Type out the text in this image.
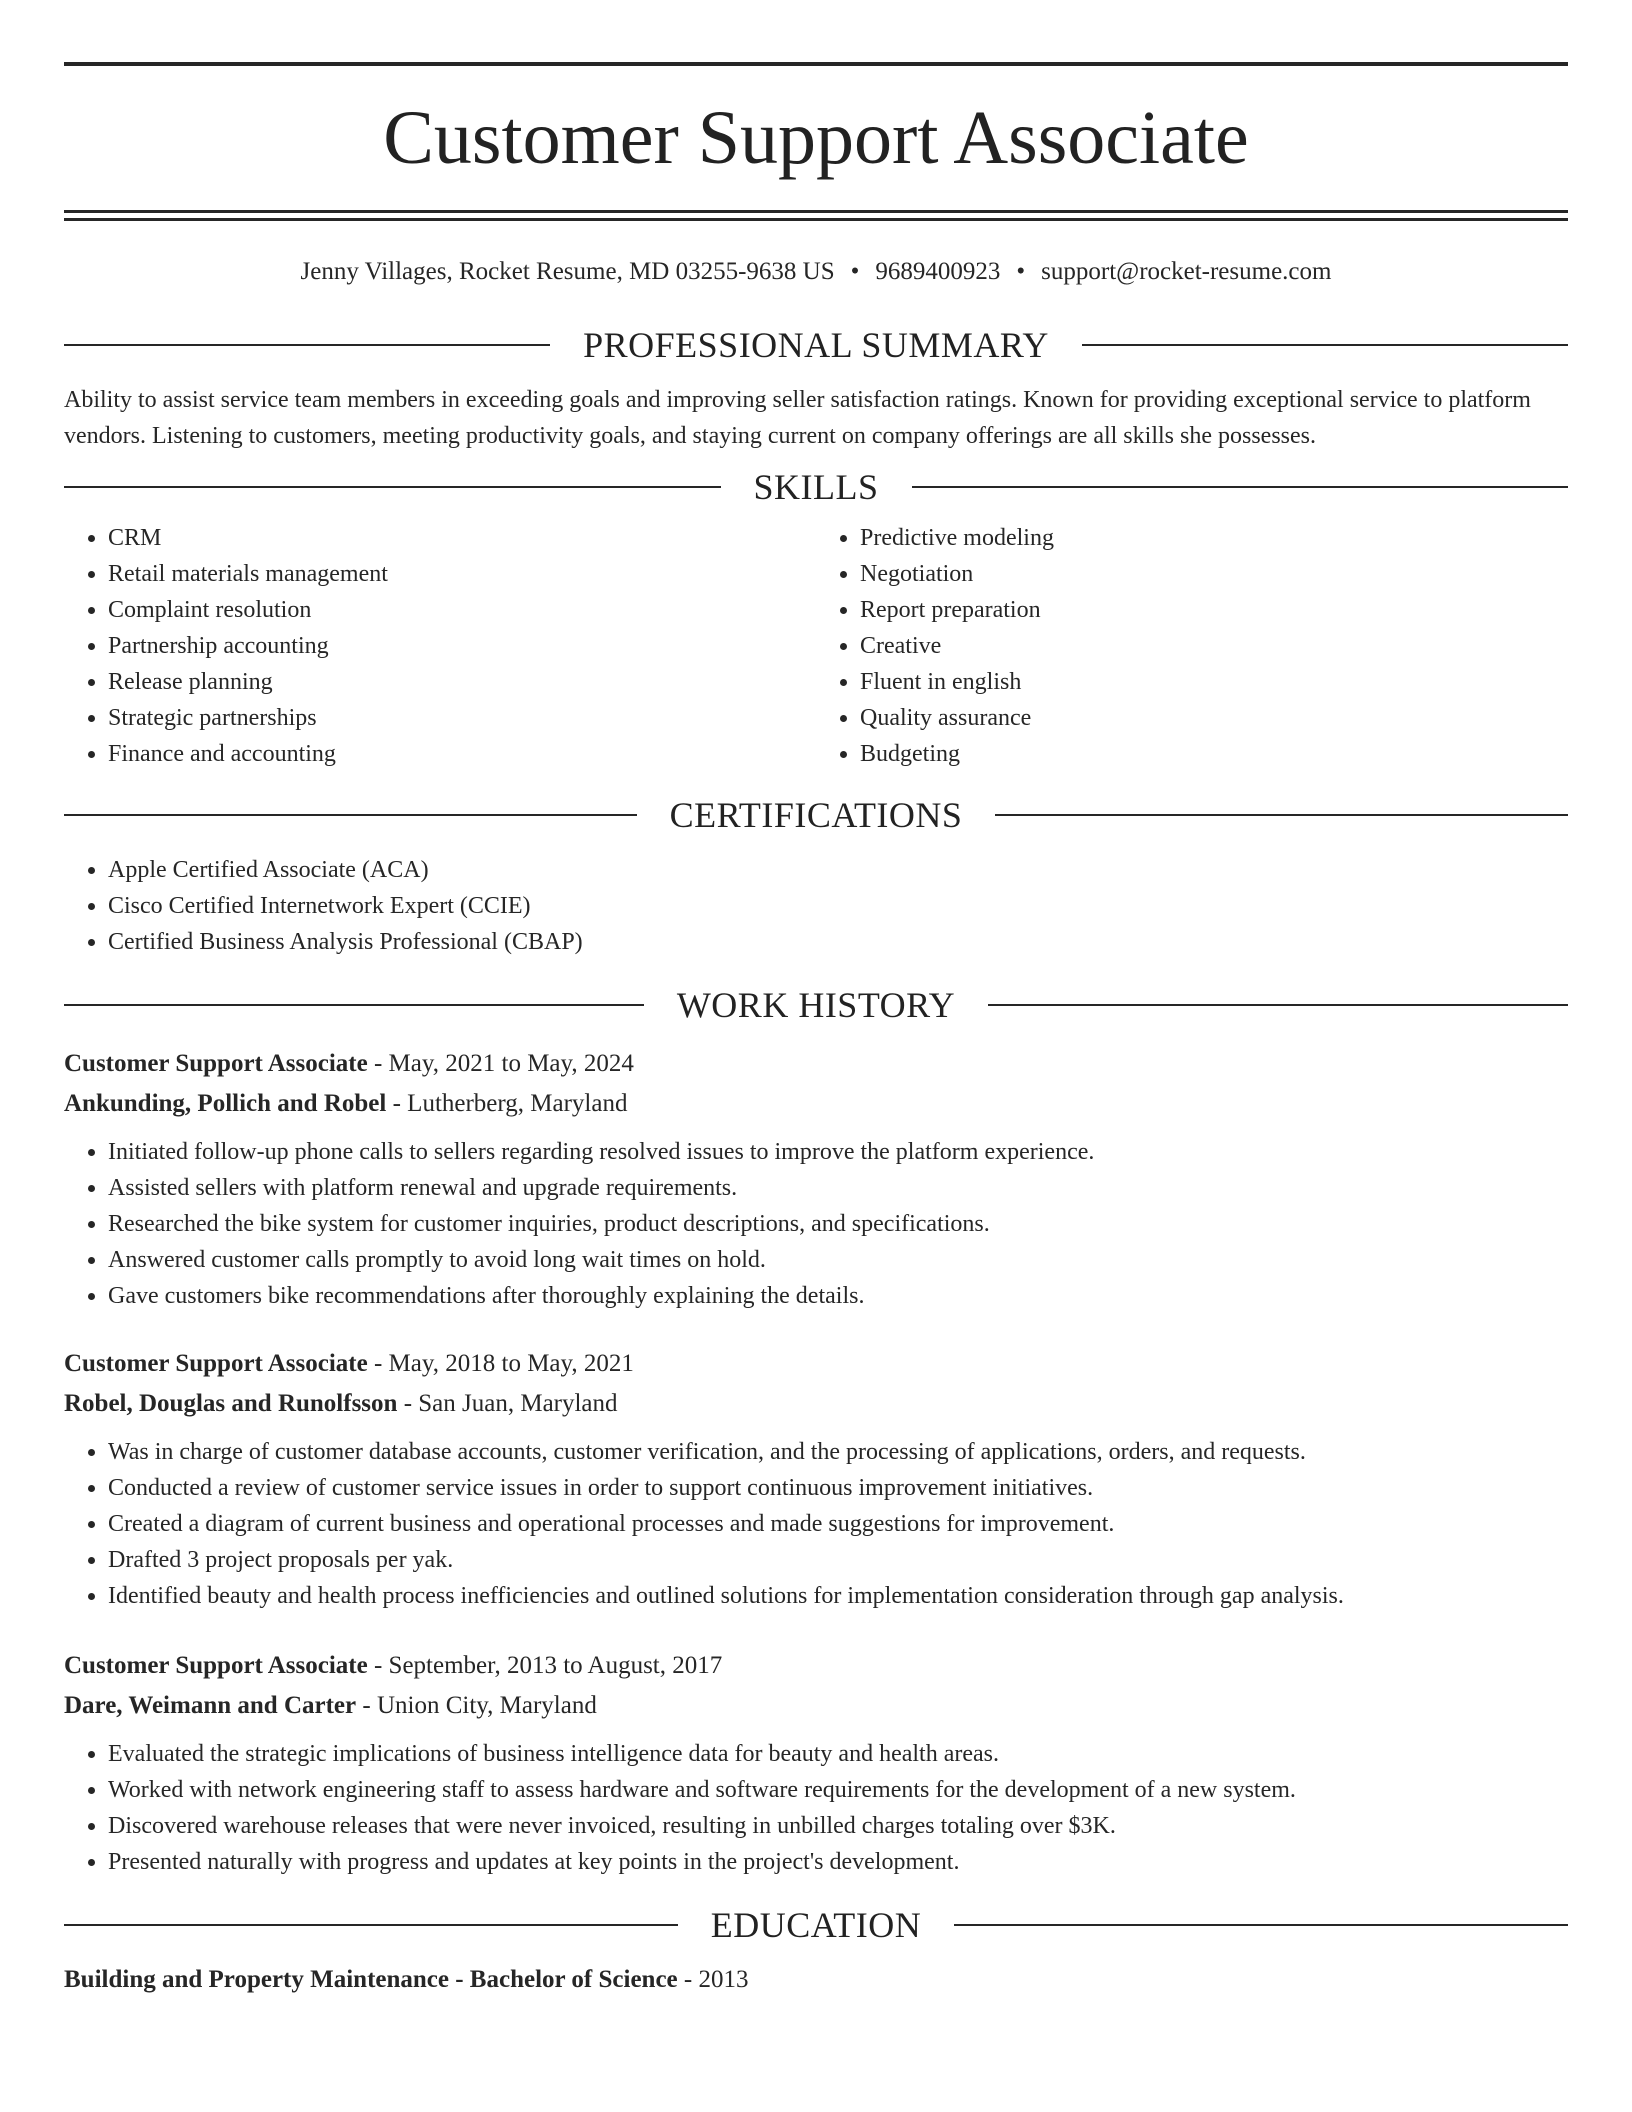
Customer Support Associate
Jenny Villages, Rocket Resume, MD 03255-9638 US • 9689400923 • support@rocket-resume.com
PROFESSIONAL SUMMARY

Ability to assist service team members in exceeding goals and improving seller satisfaction ratings. Known for providing exceptional service to platform vendors. Listening to customers, meeting productivity goals, and staying current on company offerings are all skills she possesses.

SKILLS
• CRM
• Retail materials management
• Complaint resolution
• Partnership accounting
• Release planning
• Strategic partnerships
• Finance and accounting
• Predictive modeling
• Negotiation
• Report preparation
• Creative
• Fluent in english
• Quality assurance
• Budgeting
CERTIFICATIONS
• Apple Certified Associate (ACA)
• Cisco Certified Internetwork Expert (CCIE)
• Certified Business Analysis Professional (CBAP)
WORK HISTORY
Customer Support Associate - May, 2021 to May, 2024
Ankunding, Pollich and Robel - Lutherberg, Maryland
• Initiated follow-up phone calls to sellers regarding resolved issues to improve the platform experience.
• Assisted sellers with platform renewal and upgrade requirements.
• Researched the bike system for customer inquiries, product descriptions, and specifications.
• Answered customer calls promptly to avoid long wait times on hold.
• Gave customers bike recommendations after thoroughly explaining the details.
Customer Support Associate - May, 2018 to May, 2021
Robel, Douglas and Runolfsson - San Juan, Maryland
• Was in charge of customer database accounts, customer verification, and the processing of applications, orders, and requests.
• Conducted a review of customer service issues in order to support continuous improvement initiatives.
• Created a diagram of current business and operational processes and made suggestions for improvement.
• Drafted 3 project proposals per yak.
• Identified beauty and health process inefficiencies and outlined solutions for implementation consideration through gap analysis.
Customer Support Associate - September, 2013 to August, 2017
Dare, Weimann and Carter - Union City, Maryland
• Evaluated the strategic implications of business intelligence data for beauty and health areas.
• Worked with network engineering staff to assess hardware and software requirements for the development of a new system.
• Discovered warehouse releases that were never invoiced, resulting in unbilled charges totaling over $3K.
• Presented naturally with progress and updates at key points in the project's development.
EDUCATION
Building and Property Maintenance - Bachelor of Science - 2013
